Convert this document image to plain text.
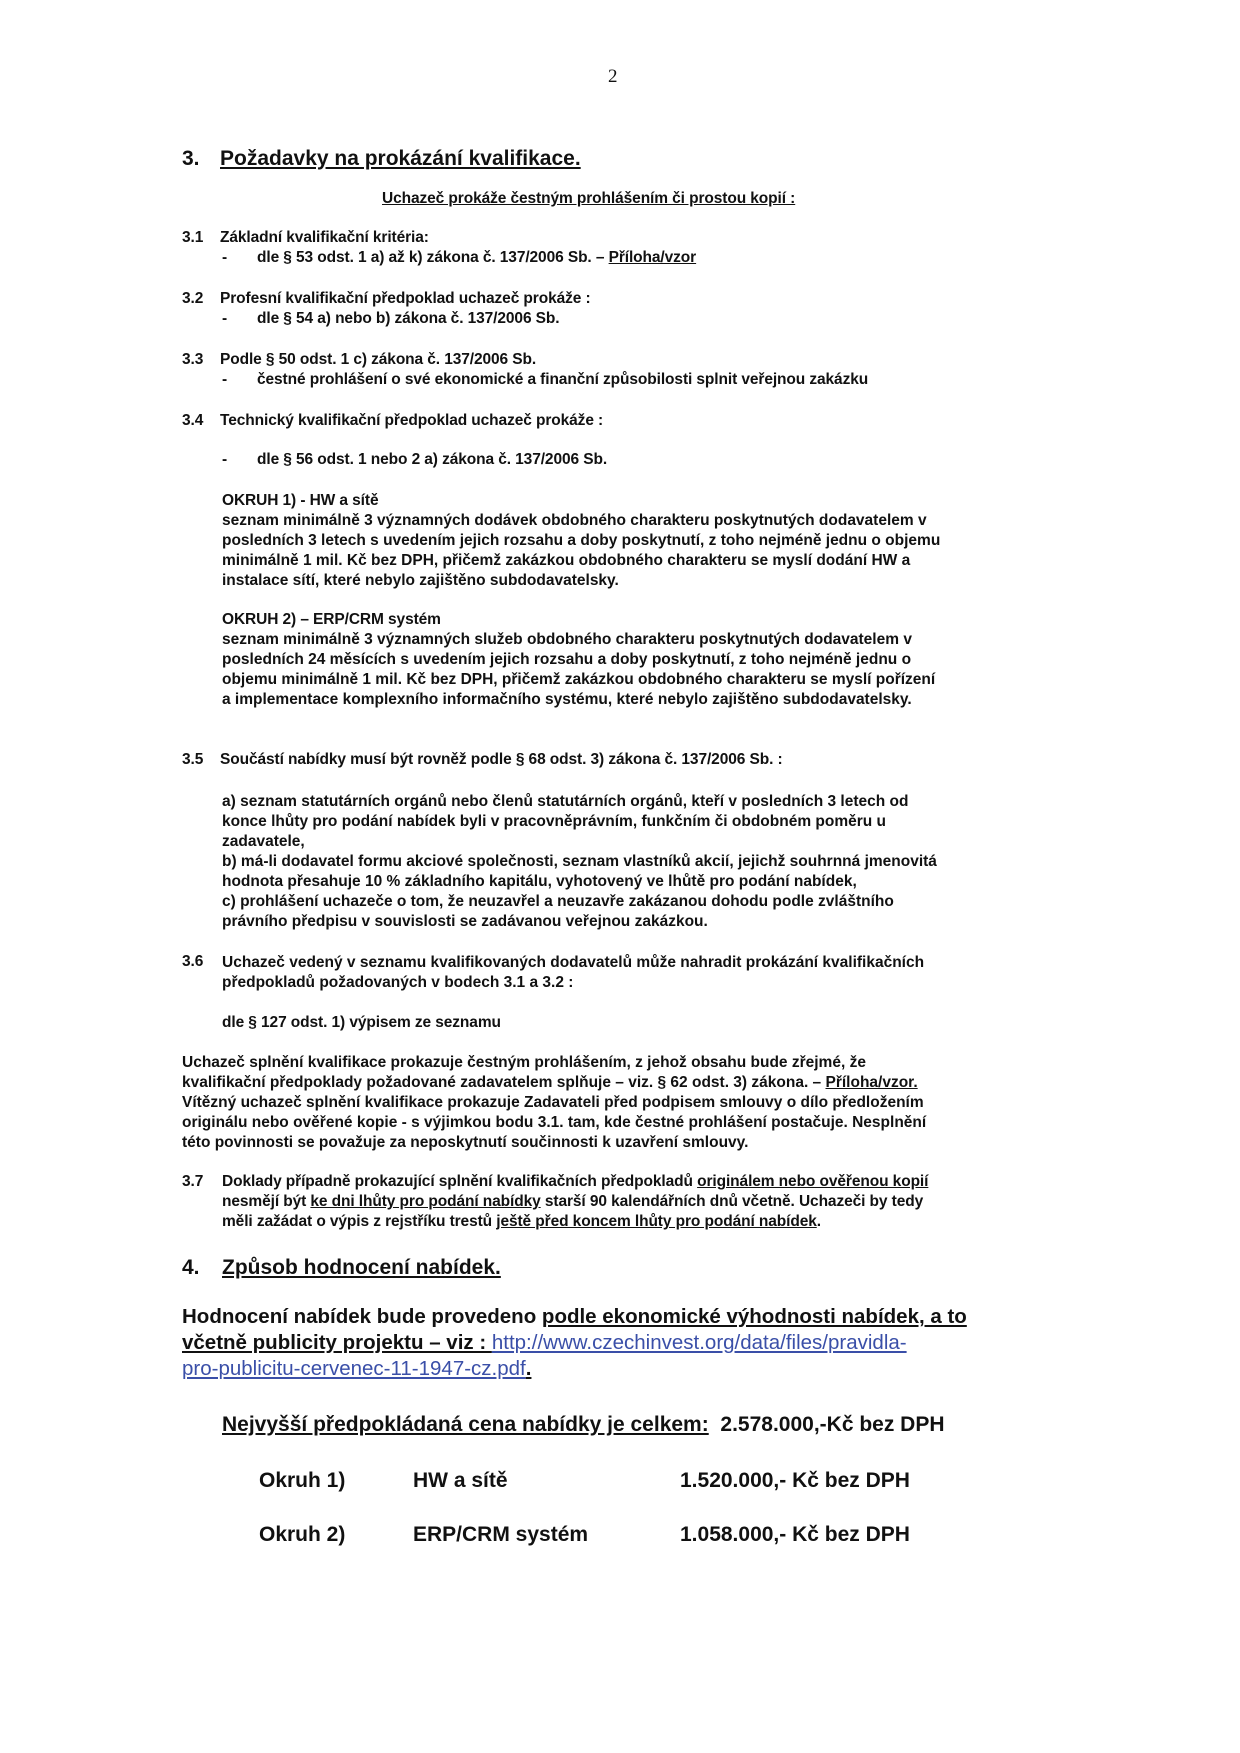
2
3. Požadavky na prokázání kvalifikace.
Uchazeč prokáže čestným prohlášením či prostou kopií :
3.1 Základní kvalifikační kritéria:
- dle § 53 odst. 1 a) až k) zákona č. 137/2006 Sb. – Příloha/vzor
3.2 Profesní kvalifikační předpoklad uchazeč prokáže :
- dle § 54 a) nebo b) zákona č. 137/2006 Sb.
3.3 Podle § 50 odst. 1 c) zákona č. 137/2006 Sb.
- čestné prohlášení o své ekonomické a finanční způsobilosti splnit veřejnou zakázku
3.4 Technický kvalifikační předpoklad uchazeč prokáže :
- dle § 56 odst. 1 nebo 2 a) zákona č. 137/2006 Sb.
OKRUH 1) - HW a sítě
seznam minimálně 3 významných dodávek obdobného charakteru poskytnutých dodavatelem v
posledních 3 letech s uvedením jejich rozsahu a doby poskytnutí, z toho nejméně jednu o objemu
minimálně 1 mil. Kč bez DPH, přičemž zakázkou obdobného charakteru se myslí dodání HW a
instalace sítí, které nebylo zajištěno subdodavatelsky.
OKRUH 2) – ERP/CRM systém
seznam minimálně 3 významných služeb obdobného charakteru poskytnutých dodavatelem v
posledních 24 měsících s uvedením jejich rozsahu a doby poskytnutí, z toho nejméně jednu o
objemu minimálně 1 mil. Kč bez DPH, přičemž zakázkou obdobného charakteru se myslí pořízení
a implementace komplexního informačního systému, které nebylo zajištěno subdodavatelsky.
3.5 Součástí nabídky musí být rovněž podle § 68 odst. 3) zákona č. 137/2006 Sb. :
a) seznam statutárních orgánů nebo členů statutárních orgánů, kteří v posledních 3 letech od
konce lhůty pro podání nabídek byli v pracovněprávním, funkčním či obdobném poměru u
zadavatele,
b) má-li dodavatel formu akciové společnosti, seznam vlastníků akcií, jejichž souhrnná jmenovitá
hodnota přesahuje 10 % základního kapitálu, vyhotovený ve lhůtě pro podání nabídek,
c) prohlášení uchazeče o tom, že neuzavřel a neuzavře zakázanou dohodu podle zvláštního
právního předpisu v souvislosti se zadávanou veřejnou zakázkou.
3.6 Uchazeč vedený v seznamu kvalifikovaných dodavatelů může nahradit prokázání kvalifikačních
předpokladů požadovaných v bodech 3.1 a 3.2 :
dle § 127 odst. 1) výpisem ze seznamu
Uchazeč splnění kvalifikace prokazuje čestným prohlášením, z jehož obsahu bude zřejmé, že
kvalifikační předpoklady požadované zadavatelem splňuje – viz. § 62 odst. 3) zákona. – Příloha/vzor.
Vítězný uchazeč splnění kvalifikace prokazuje Zadavateli před podpisem smlouvy o dílo předložením
originálu nebo ověřené kopie - s výjimkou bodu 3.1. tam, kde čestné prohlášení postačuje. Nesplnění
této povinnosti se považuje za neposkytnutí součinnosti k uzavření smlouvy.
3.7 Doklady případně prokazující splnění kvalifikačních předpokladů originálem nebo ověřenou kopií
nesmějí být ke dni lhůty pro podání nabídky starší 90 kalendářních dnů včetně. Uchazeči by tedy
měli zažádat o výpis z rejstříku trestů ještě před koncem lhůty pro podání nabídek.
4. Způsob hodnocení nabídek.
Hodnocení nabídek bude provedeno podle ekonomické výhodnosti nabídek, a to
včetně publicity projektu – viz : http://www.czechinvest.org/data/files/pravidla-
pro-publicitu-cervenec-11-1947-cz.pdf.
Nejvyšší předpokládaná cena nabídky je celkem: 2.578.000,-Kč bez DPH
Okruh 1)	HW a sítě	1.520.000,- Kč bez DPH
Okruh 2)	ERP/CRM systém	1.058.000,- Kč bez DPH
